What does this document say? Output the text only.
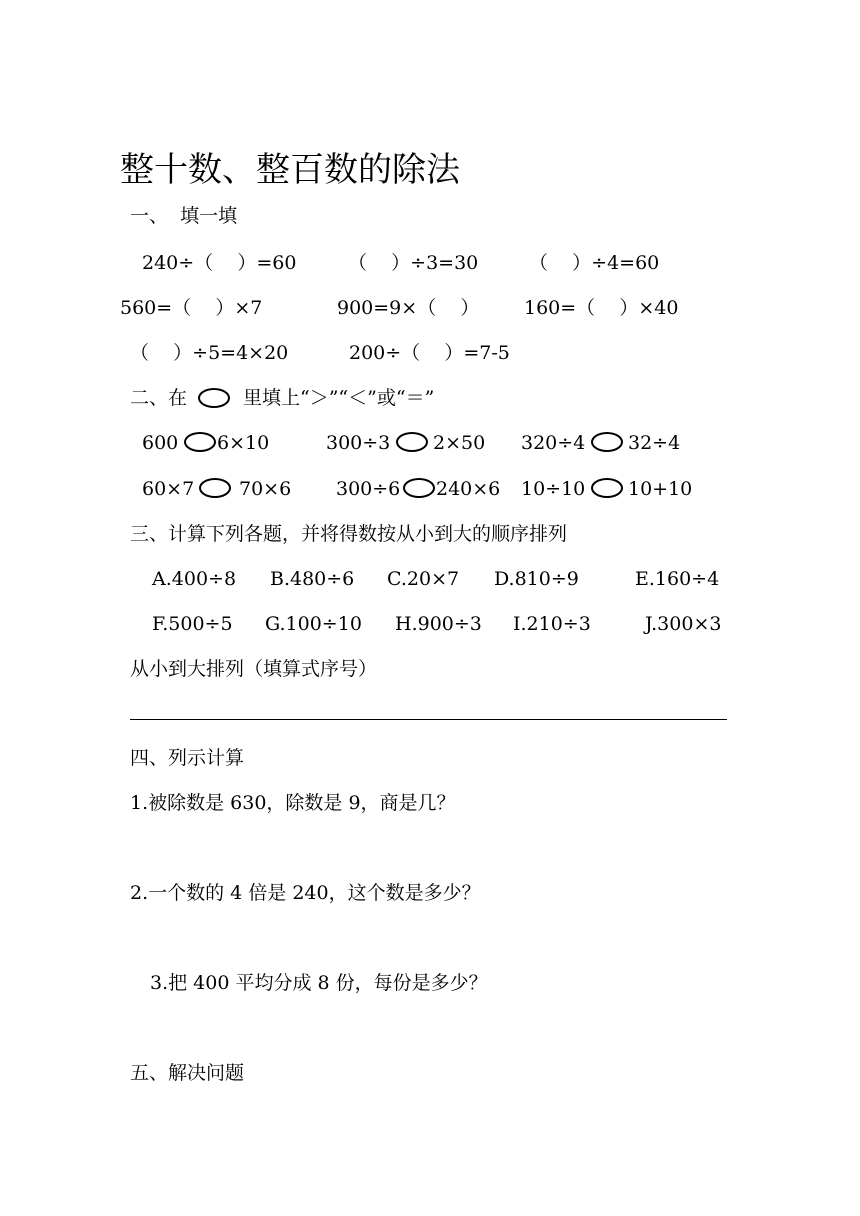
整十数、整百数的除法
一、  填一填
240÷（    ）=60	（    ）÷3=30	（    ）÷4=60
560=（    ）×7	900=9×（    ） 160=（    ）×40
（    ）÷5=4×20	200÷（    ）=7-5
二、在	里填上“＞”“＜”或“＝”
600 6×10	300÷3 2×50 320÷4 32÷4
60×7 70×6 300÷6 240×6 10÷10 10+10
三、计算下列各题，并将得数按从小到大的顺序排列
A.400÷8 B.480÷6 C.20×7 D.810÷9	E.160÷4
F.500÷5 G.100÷10 H.900÷3 I.210÷3	J.300×3
从小到大排列（填算式序号）
四、列示计算
1.被除数是 630，除数是 9，商是几？
2.一个数的 4 倍是 240，这个数是多少？
3.把 400 平均分成 8 份，每份是多少？
五、解决问题
